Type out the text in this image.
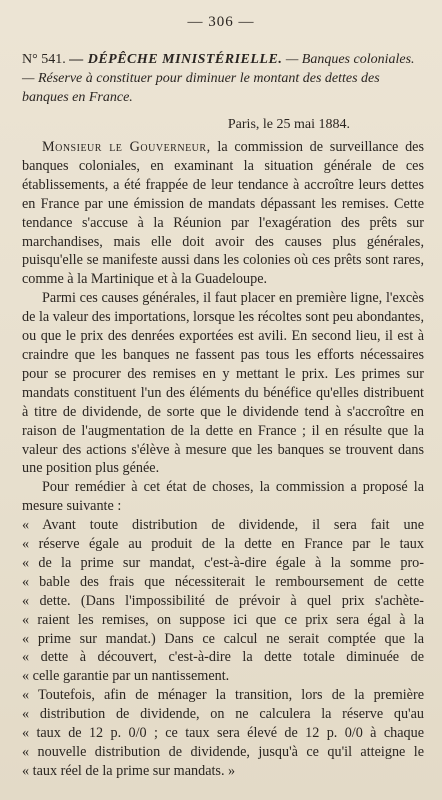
— 306 —
N° 541. — DÉPÊCHE MINISTÉRIELLE. — Banques coloniales. — Réserve à constituer pour diminuer le montant des dettes des banques en France.
Paris, le 25 mai 1884.

Monsieur le Gouverneur, la commission de surveillance des banques coloniales, en examinant la situation générale de ces établissements, a été frappée de leur tendance à accroître leurs dettes en France par une émission de mandats dépassant les remises. Cette tendance s'accuse à la Réunion par l'exagération des prêts sur marchandises, mais elle doit avoir des causes plus générales, puisqu'elle se manifeste aussi dans les colonies où ces prêts sont rares, comme à la Martinique et à la Guadeloupe.

Parmi ces causes générales, il faut placer en première ligne, l'excès de la valeur des importations, lorsque les récoltes sont peu abondantes, ou que le prix des denrées exportées est avili. En second lieu, il est à craindre que les banques ne fassent pas tous les efforts nécessaires pour se procurer des remises en y mettant le prix. Les primes sur mandats constituent l'un des éléments du bénéfice qu'elles distribuent à titre de dividende, de sorte que le dividende tend à s'accroître en raison de l'augmentation de la dette en France ; il en résulte que la valeur des actions s'élève à mesure que les banques se trouvent dans une position plus génée.

Pour remédier à cet état de choses, la commission a proposé la mesure suivante :

« Avant toute distribution de dividende, il sera fait une
« réserve égale au produit de la dette en France par le taux
« de la prime sur mandat, c'est-à-dire égale à la somme pro-
« bable des frais que nécessiterait le remboursement de cette
« dette. (Dans l'impossibilité de prévoir à quel prix s'achète-
« raient les remises, on suppose ici que ce prix sera égal à la
« prime sur mandat.) Dans ce calcul ne serait comptée que la
« dette à découvert, c'est-à-dire la dette totale diminuée de
« celle garantie par un nantissement.

« Toutefois, afin de ménager la transition, lors de la première
« distribution de dividende, on ne calculera la réserve qu'au
« taux de 12 p. 0/0 ; ce taux sera élevé de 12 p. 0/0 à chaque
« nouvelle distribution de dividende, jusqu'à ce qu'il atteigne le
« taux réel de la prime sur mandats. »
